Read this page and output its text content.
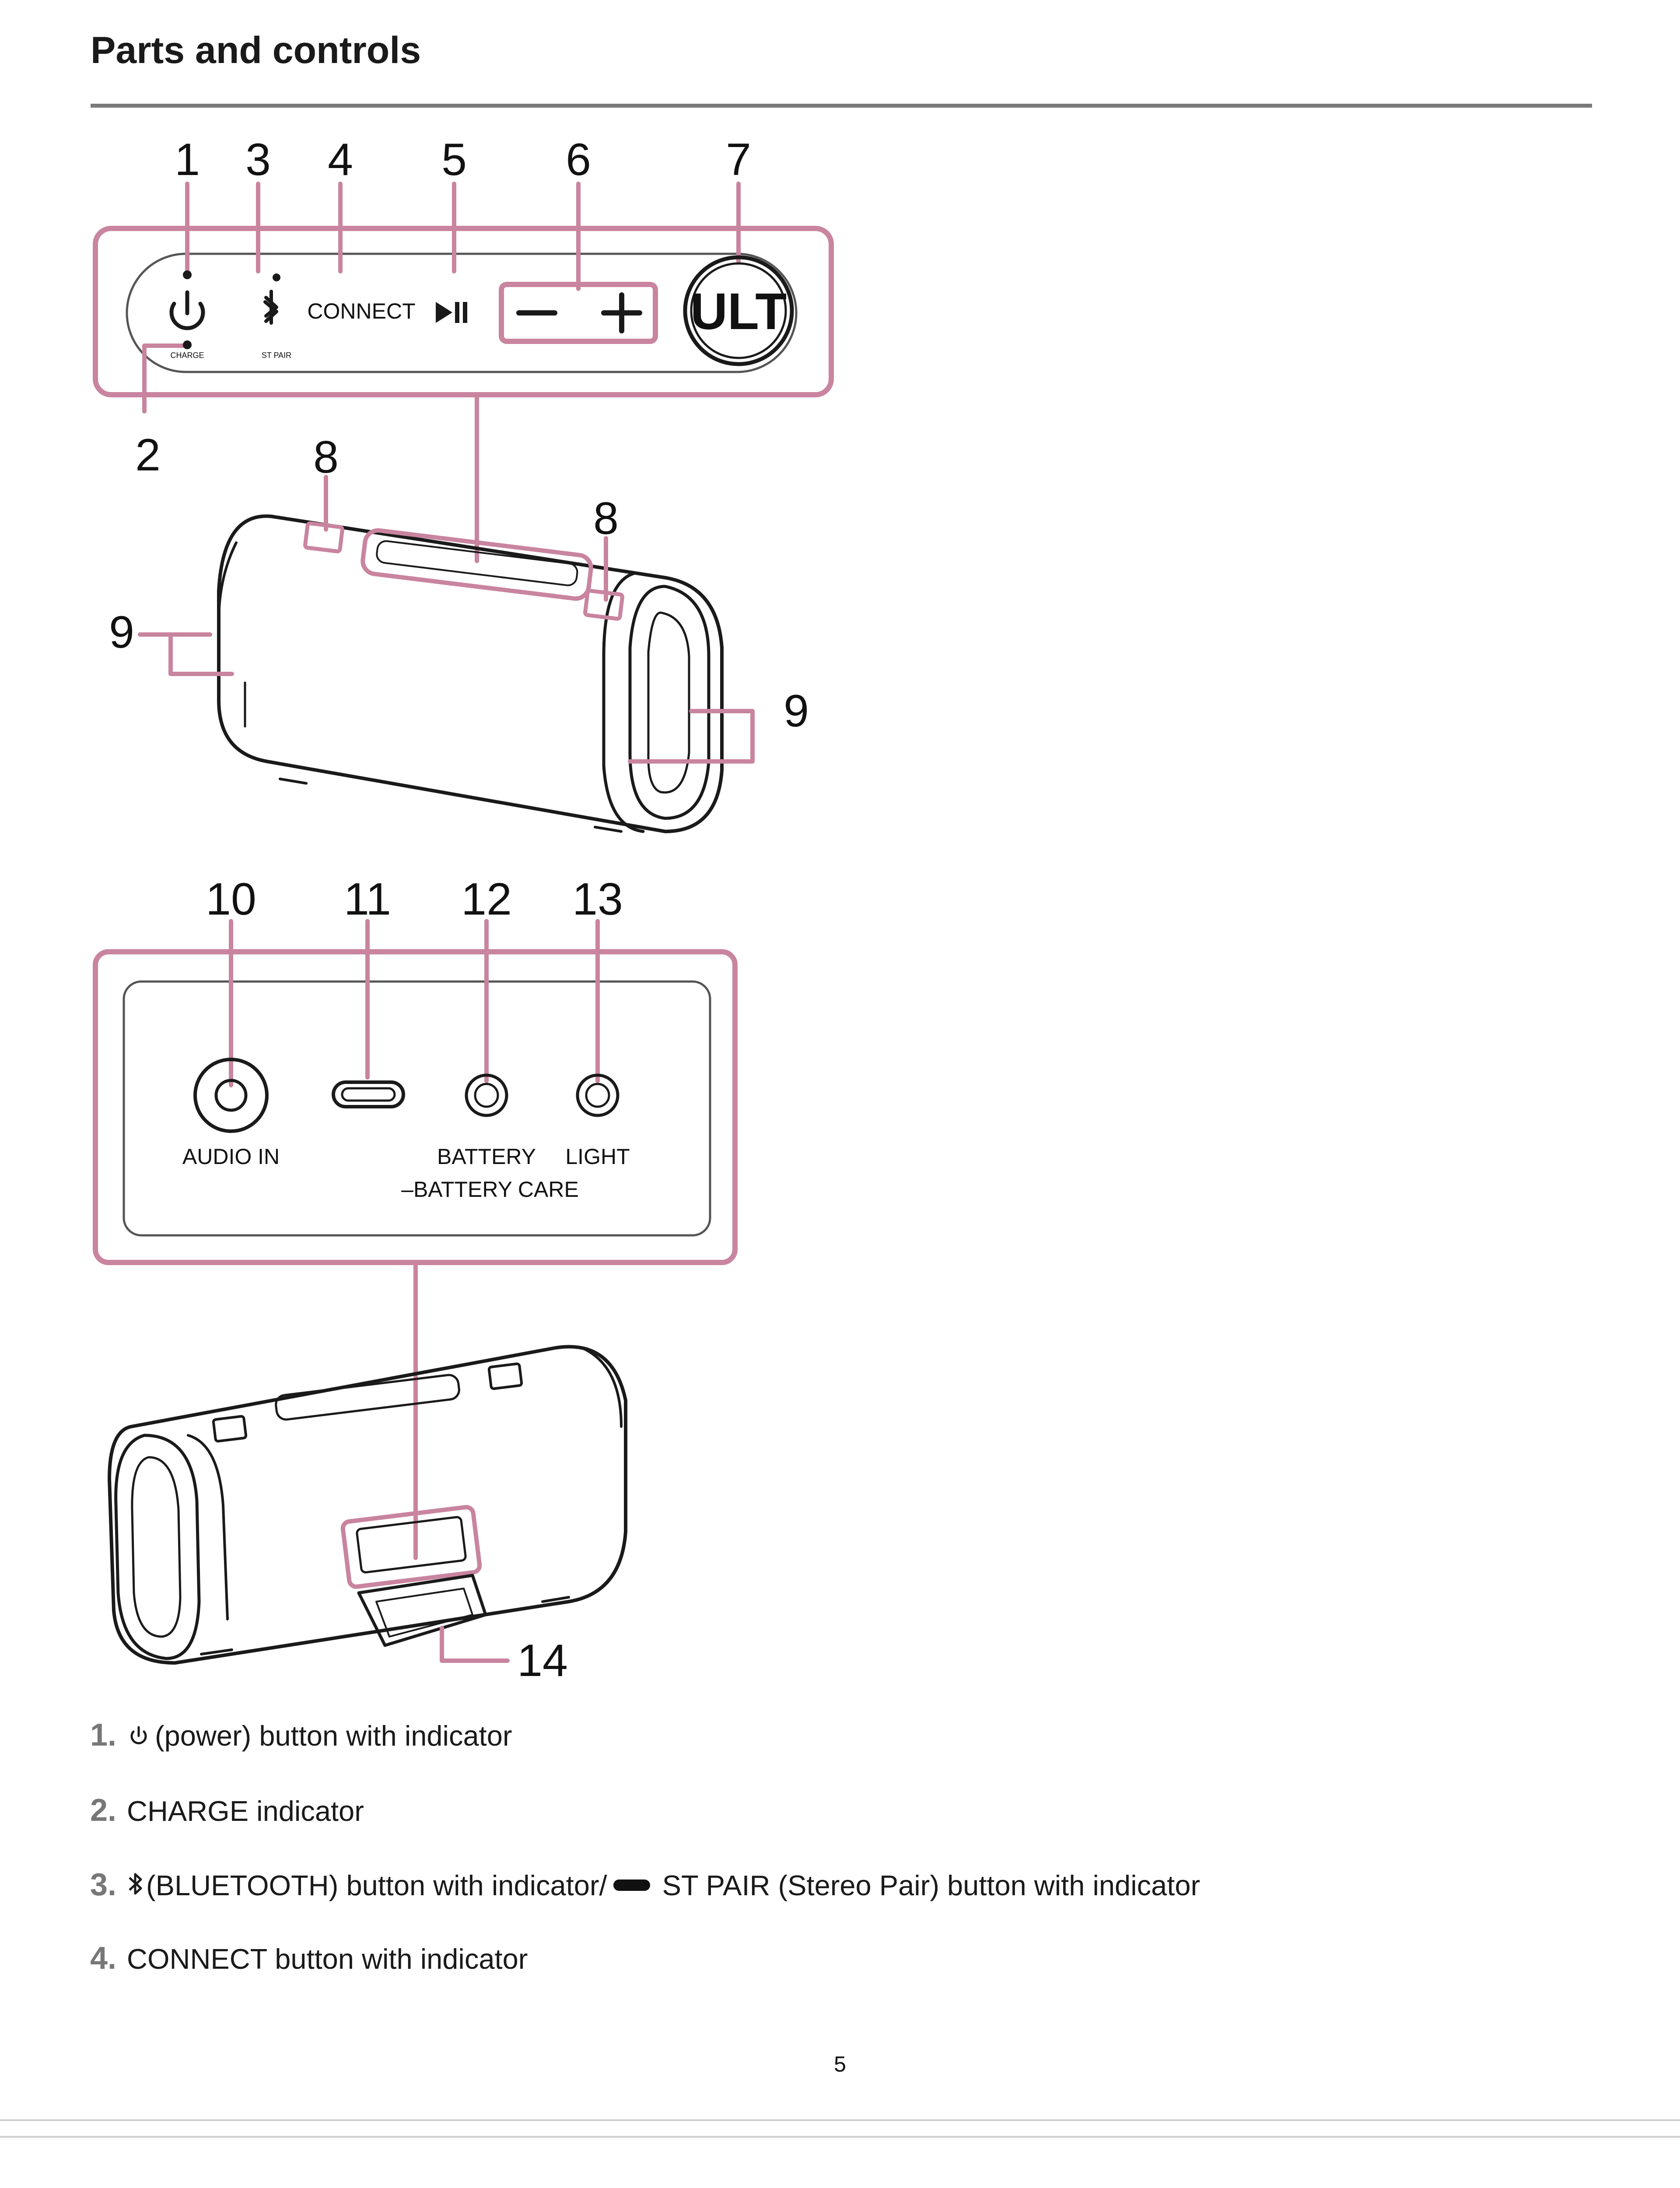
Parts and controls
1 3 4 5 6	7
2	8
8
9
9
CONNECT
CHARGE	ST PAIR
ULT
10 11 12 13
14
AUDIO IN	BATTERY
–BATTERY CARE
LIGHT
1.	(power) button with indicator
2. CHARGE indicator
3.	(BLUETOOTH) button with indicator/ ST PAIR (Stereo Pair) button with indicator
4. CONNECT button with indicator
5
